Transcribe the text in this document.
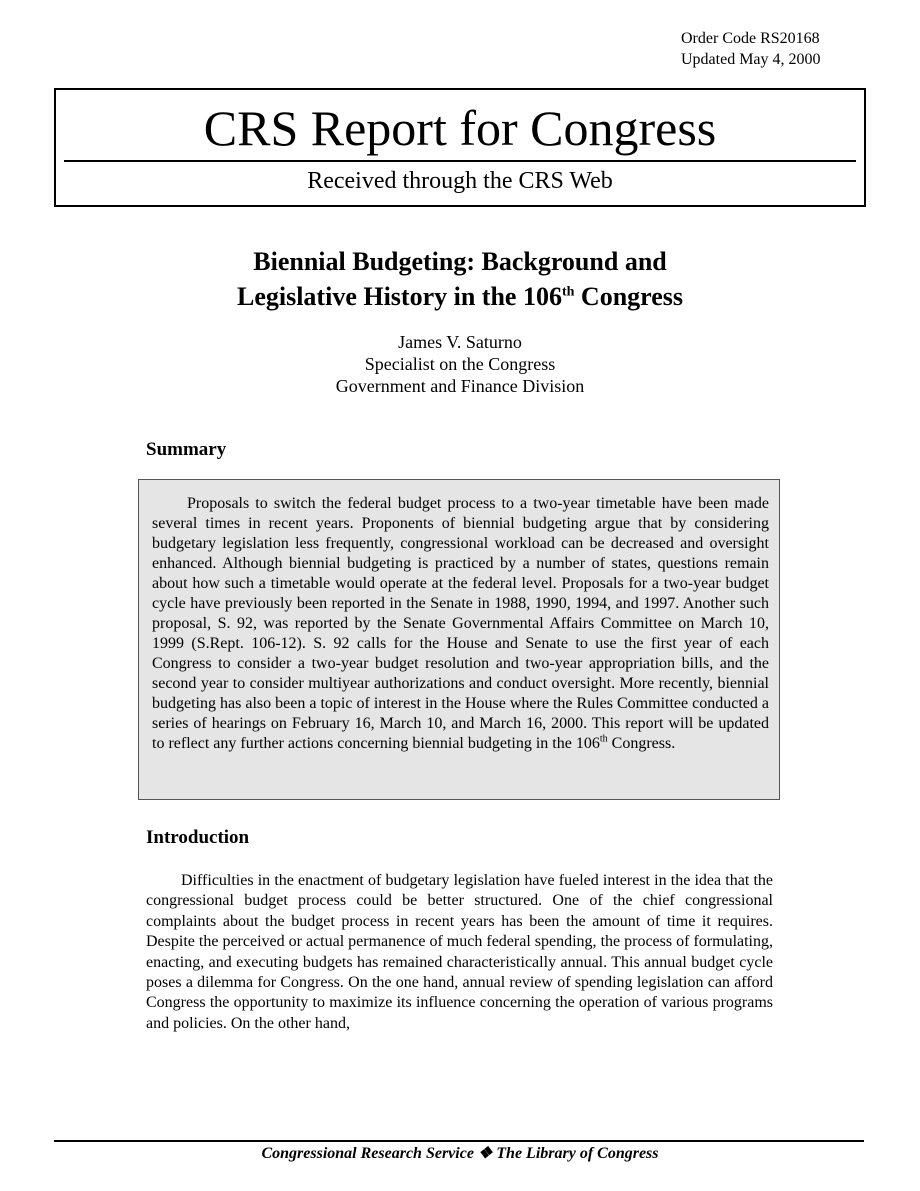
Order Code RS20168
Updated May 4, 2000
CRS Report for Congress
Received through the CRS Web
Biennial Budgeting: Background and
Legislative History in the 106th Congress
James V. Saturno
Specialist on the Congress
Government and Finance Division
Summary
Proposals to switch the federal budget process to a two-year timetable have been made several times in recent years. Proponents of biennial budgeting argue that by considering budgetary legislation less frequently, congressional workload can be decreased and oversight enhanced. Although biennial budgeting is practiced by a number of states, questions remain about how such a timetable would operate at the federal level. Proposals for a two-year budget cycle have previously been reported in the Senate in 1988, 1990, 1994, and 1997. Another such proposal, S. 92, was reported by the Senate Governmental Affairs Committee on March 10, 1999 (S.Rept. 106-12). S. 92 calls for the House and Senate to use the first year of each Congress to consider a two-year budget resolution and two-year appropriation bills, and the second year to consider multiyear authorizations and conduct oversight. More recently, biennial budgeting has also been a topic of interest in the House where the Rules Committee conducted a series of hearings on February 16, March 10, and March 16, 2000. This report will be updated to reflect any further actions concerning biennial budgeting in the 106th Congress.
Introduction
Difficulties in the enactment of budgetary legislation have fueled interest in the idea that the congressional budget process could be better structured. One of the chief congressional complaints about the budget process in recent years has been the amount of time it requires. Despite the perceived or actual permanence of much federal spending, the process of formulating, enacting, and executing budgets has remained characteristically annual. This annual budget cycle poses a dilemma for Congress. On the one hand, annual review of spending legislation can afford Congress the opportunity to maximize its influence concerning the operation of various programs and policies. On the other hand,
Congressional Research Service ❖ The Library of Congress
